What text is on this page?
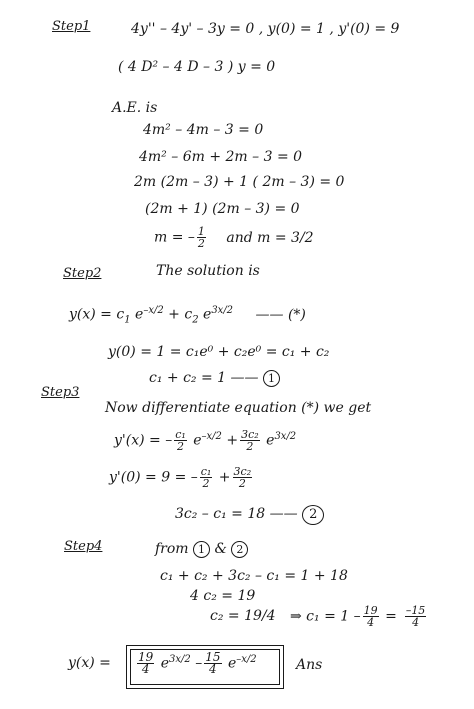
Step1	4y'' – 4y' – 3y = 0 , y(0) = 1 , y'(0) = 9
( 4 D² – 4 D – 3 ) y = 0
A.E. is
4m² – 4m – 3 = 0
4m² – 6m + 2m – 3 = 0
2m (2m – 3) + 1 ( 2m – 3) = 0
(2m + 1) (2m – 3) = 0
m = – $\frac{1}{2}$ and m = 3/2
Step2	The solution is
$y(x) = c_1$ $e^{-x/2} + c_2$ $e^{3x/2}$ —— (*)
y(0) = 1 = c₁e⁰ + c₂e⁰ = c₁ + c₂
c₁ + c₂ = 1 —— 1
Step3
Now differentiate equation (*) we get
y'(x) = – $\frac{\text{c₁}}{2} e^{-x/2} + \frac{\text{3c₂}}{2} e^{3x/2}$
y'(0) = 9 = – $\frac{\text{c₁}}{2} + \frac{\text{3c₂}}{2}$
3c₂ – c₁ = 18 —— 2
Step4	from 1 & 2
c₁ + c₂ + 3c₂ – c₁ = 1 + 18
4 c₂ = 19
c₂ = 19/4 ⇒ $c_1 = 1 - \frac{19}{4} = \frac{-15}{4}$
$y(x) = \frac{19}{4} e^{3x/2} - \frac{15}{4} e^{-x/2}$	Ans
